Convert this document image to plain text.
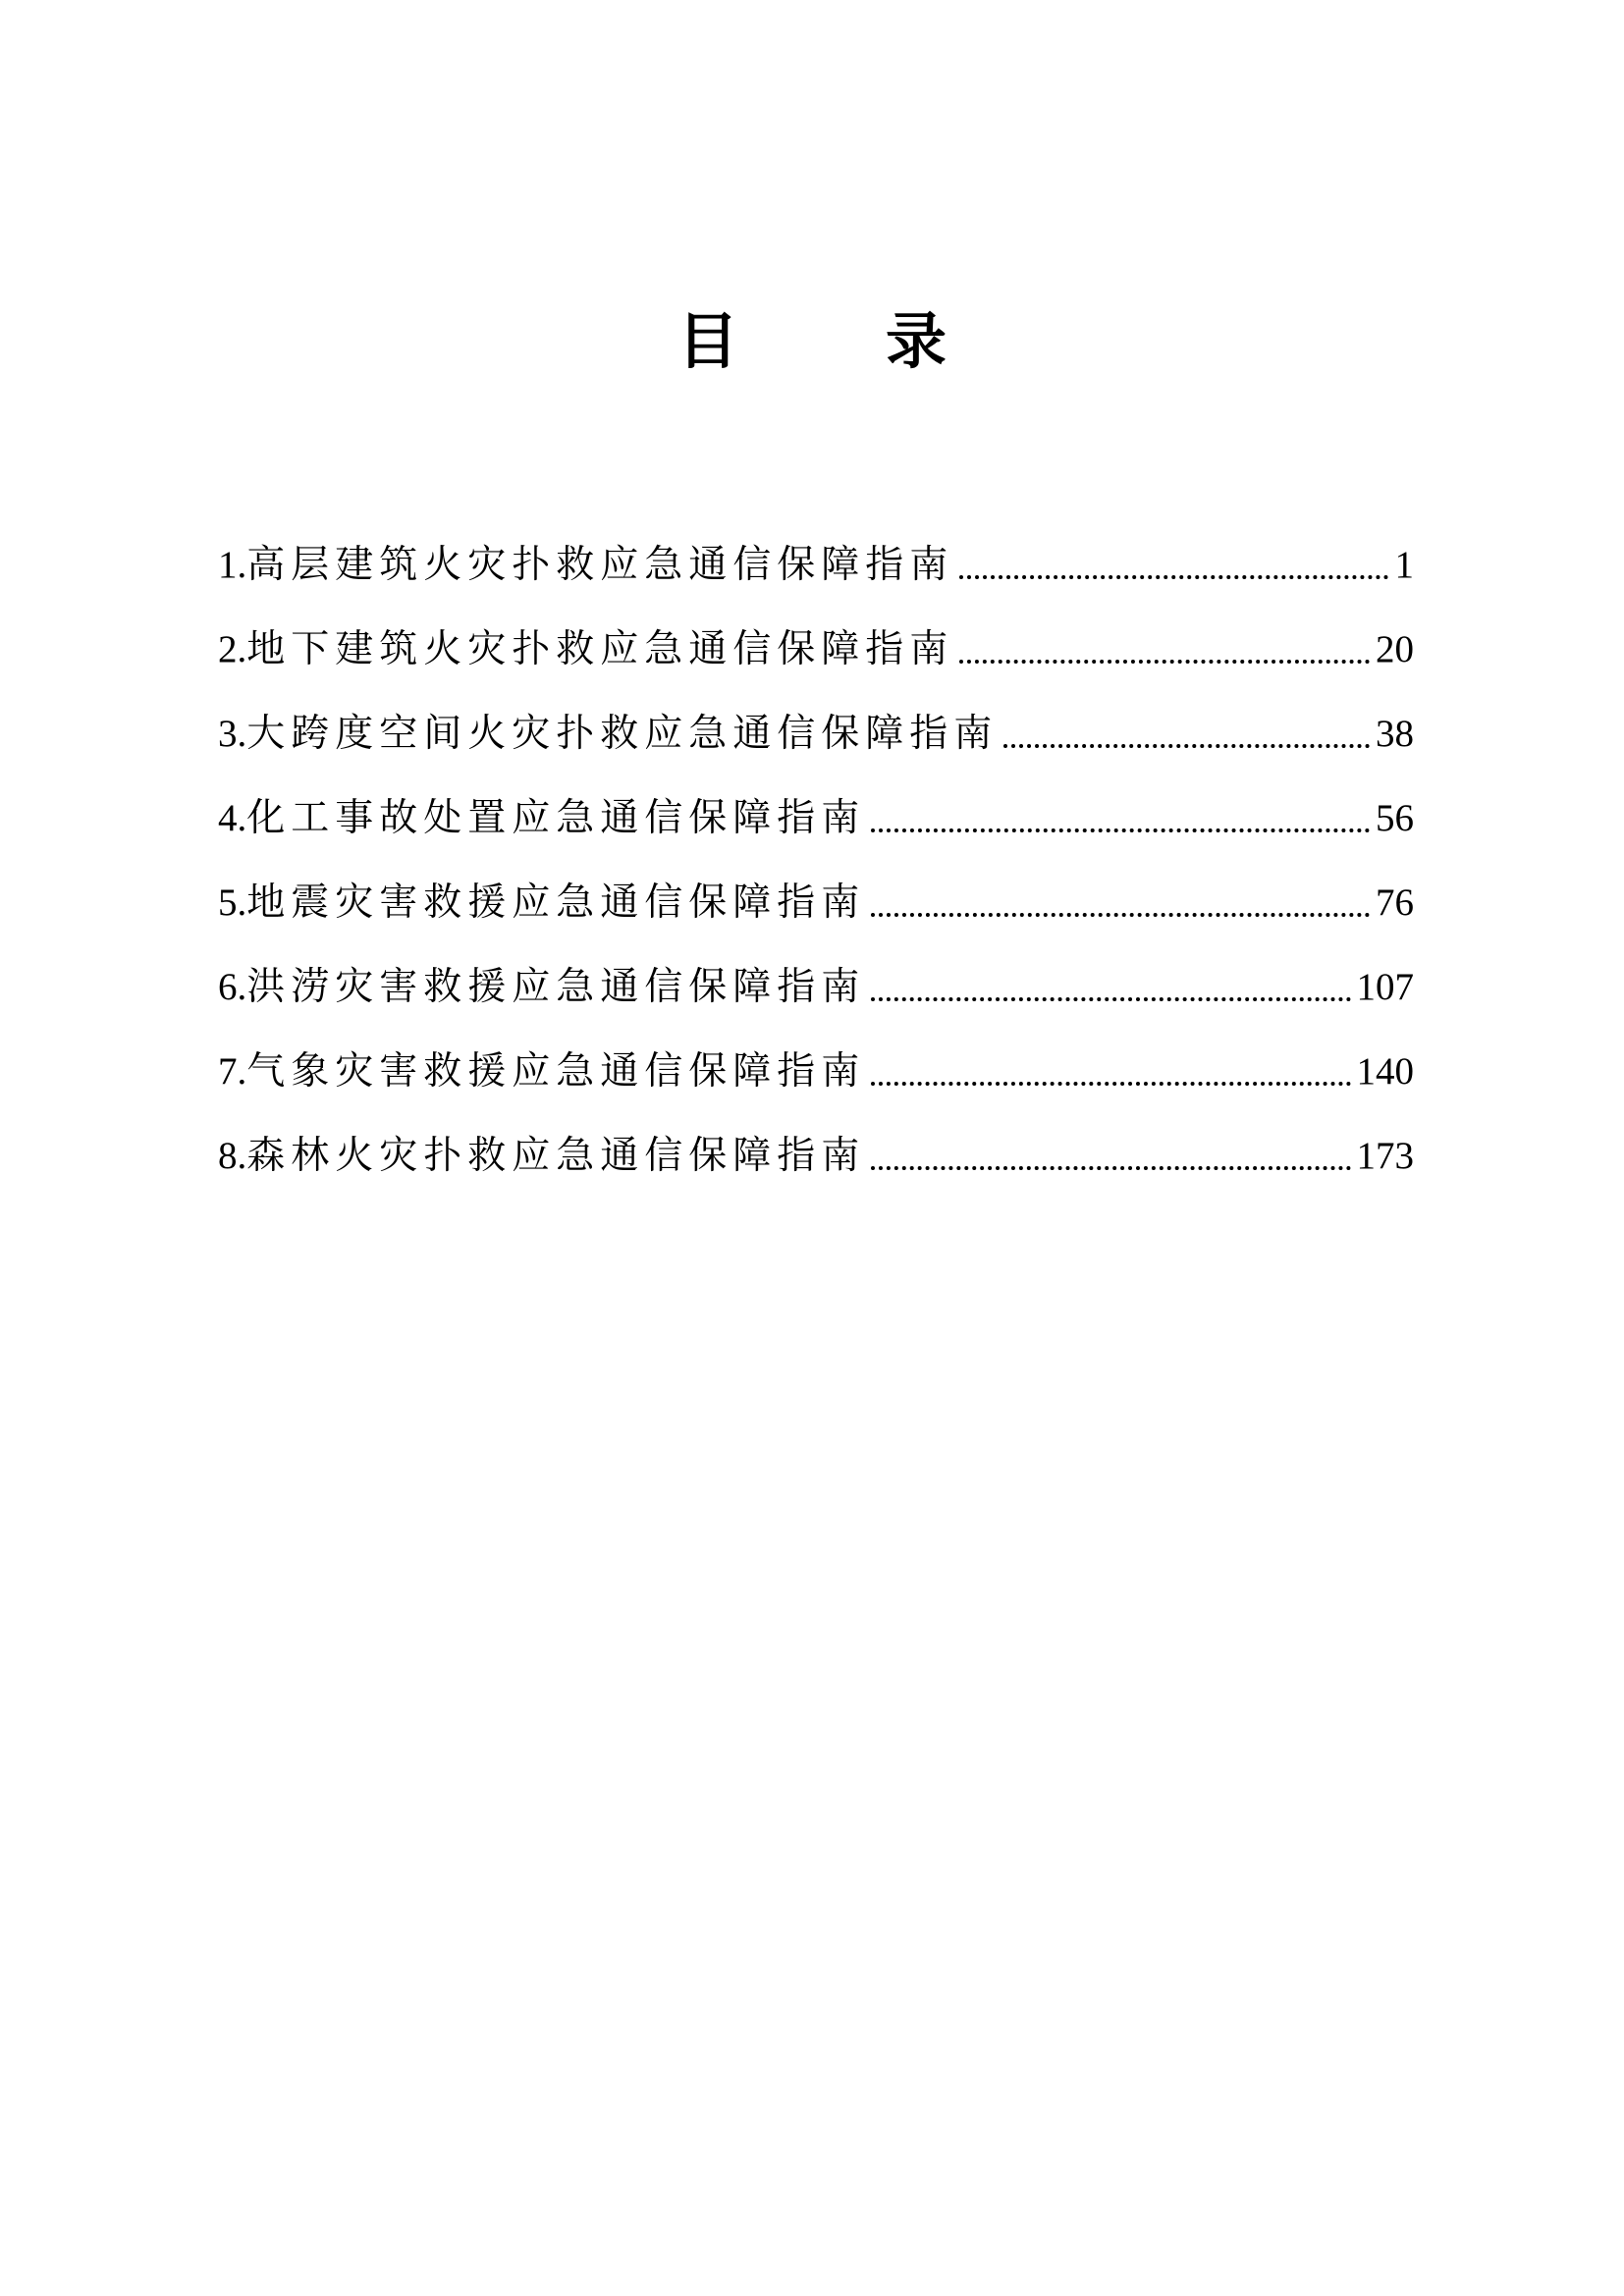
目 录
1. 高层建筑火灾扑救应急通信保障指南	1
2. 地下建筑火灾扑救应急通信保障指南	20
3. 大跨度空间火灾扑救应急通信保障指南	38
4. 化工事故处置应急通信保障指南	56
5. 地震灾害救援应急通信保障指南	76
6. 洪涝灾害救援应急通信保障指南	107
7. 气象灾害救援应急通信保障指南	140
8. 森林火灾扑救应急通信保障指南	173
